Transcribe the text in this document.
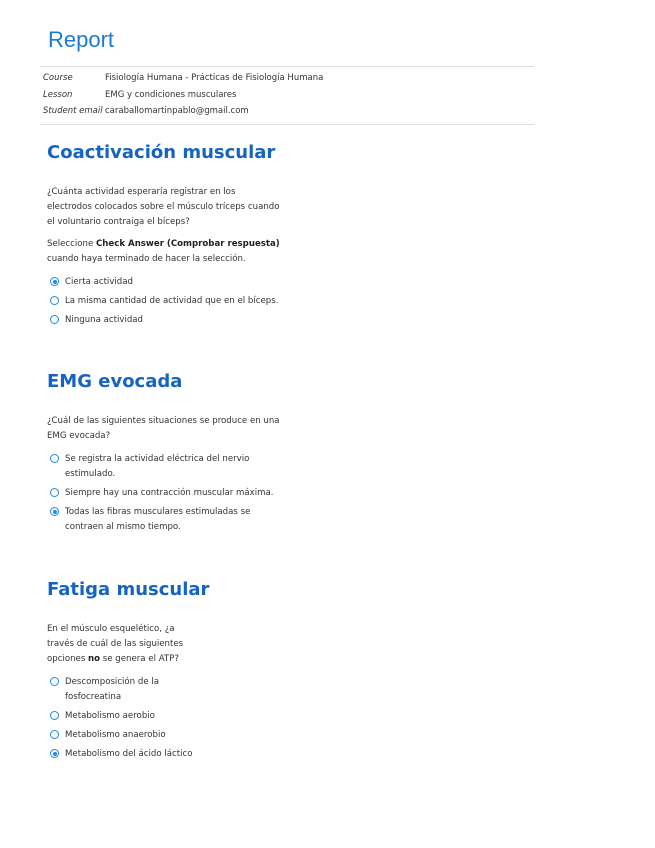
Report
Course	Fisiología Humana - Prácticas de Fisiología Humana
Lesson	EMG y condiciones musculares
Student email caraballomartinpablo@gmail.com
Coactivación muscular

¿Cuánta actividad esperaría registrar en los electrodos colocados sobre el músculo tríceps cuando el voluntario contraiga el bíceps?

Seleccione Check Answer (Comprobar respuesta) cuando haya terminado de hacer la selección.

Cierta actividad
La misma cantidad de actividad que en el bíceps.
Ninguna actividad
EMG evocada

¿Cuál de las siguientes situaciones se produce en una EMG evocada?

Se registra la actividad eléctrica del nervio estimulado.
Siempre hay una contracción muscular máxima.
Todas las fibras musculares estimuladas se contraen al mismo tiempo.
Fatiga muscular

En el músculo esquelético, ¿a través de cuál de las siguientes opciones no se genera el ATP?

Descomposición de la fosfocreatina
Metabolismo aerobio
Metabolismo anaerobio
Metabolismo del ácido láctico
